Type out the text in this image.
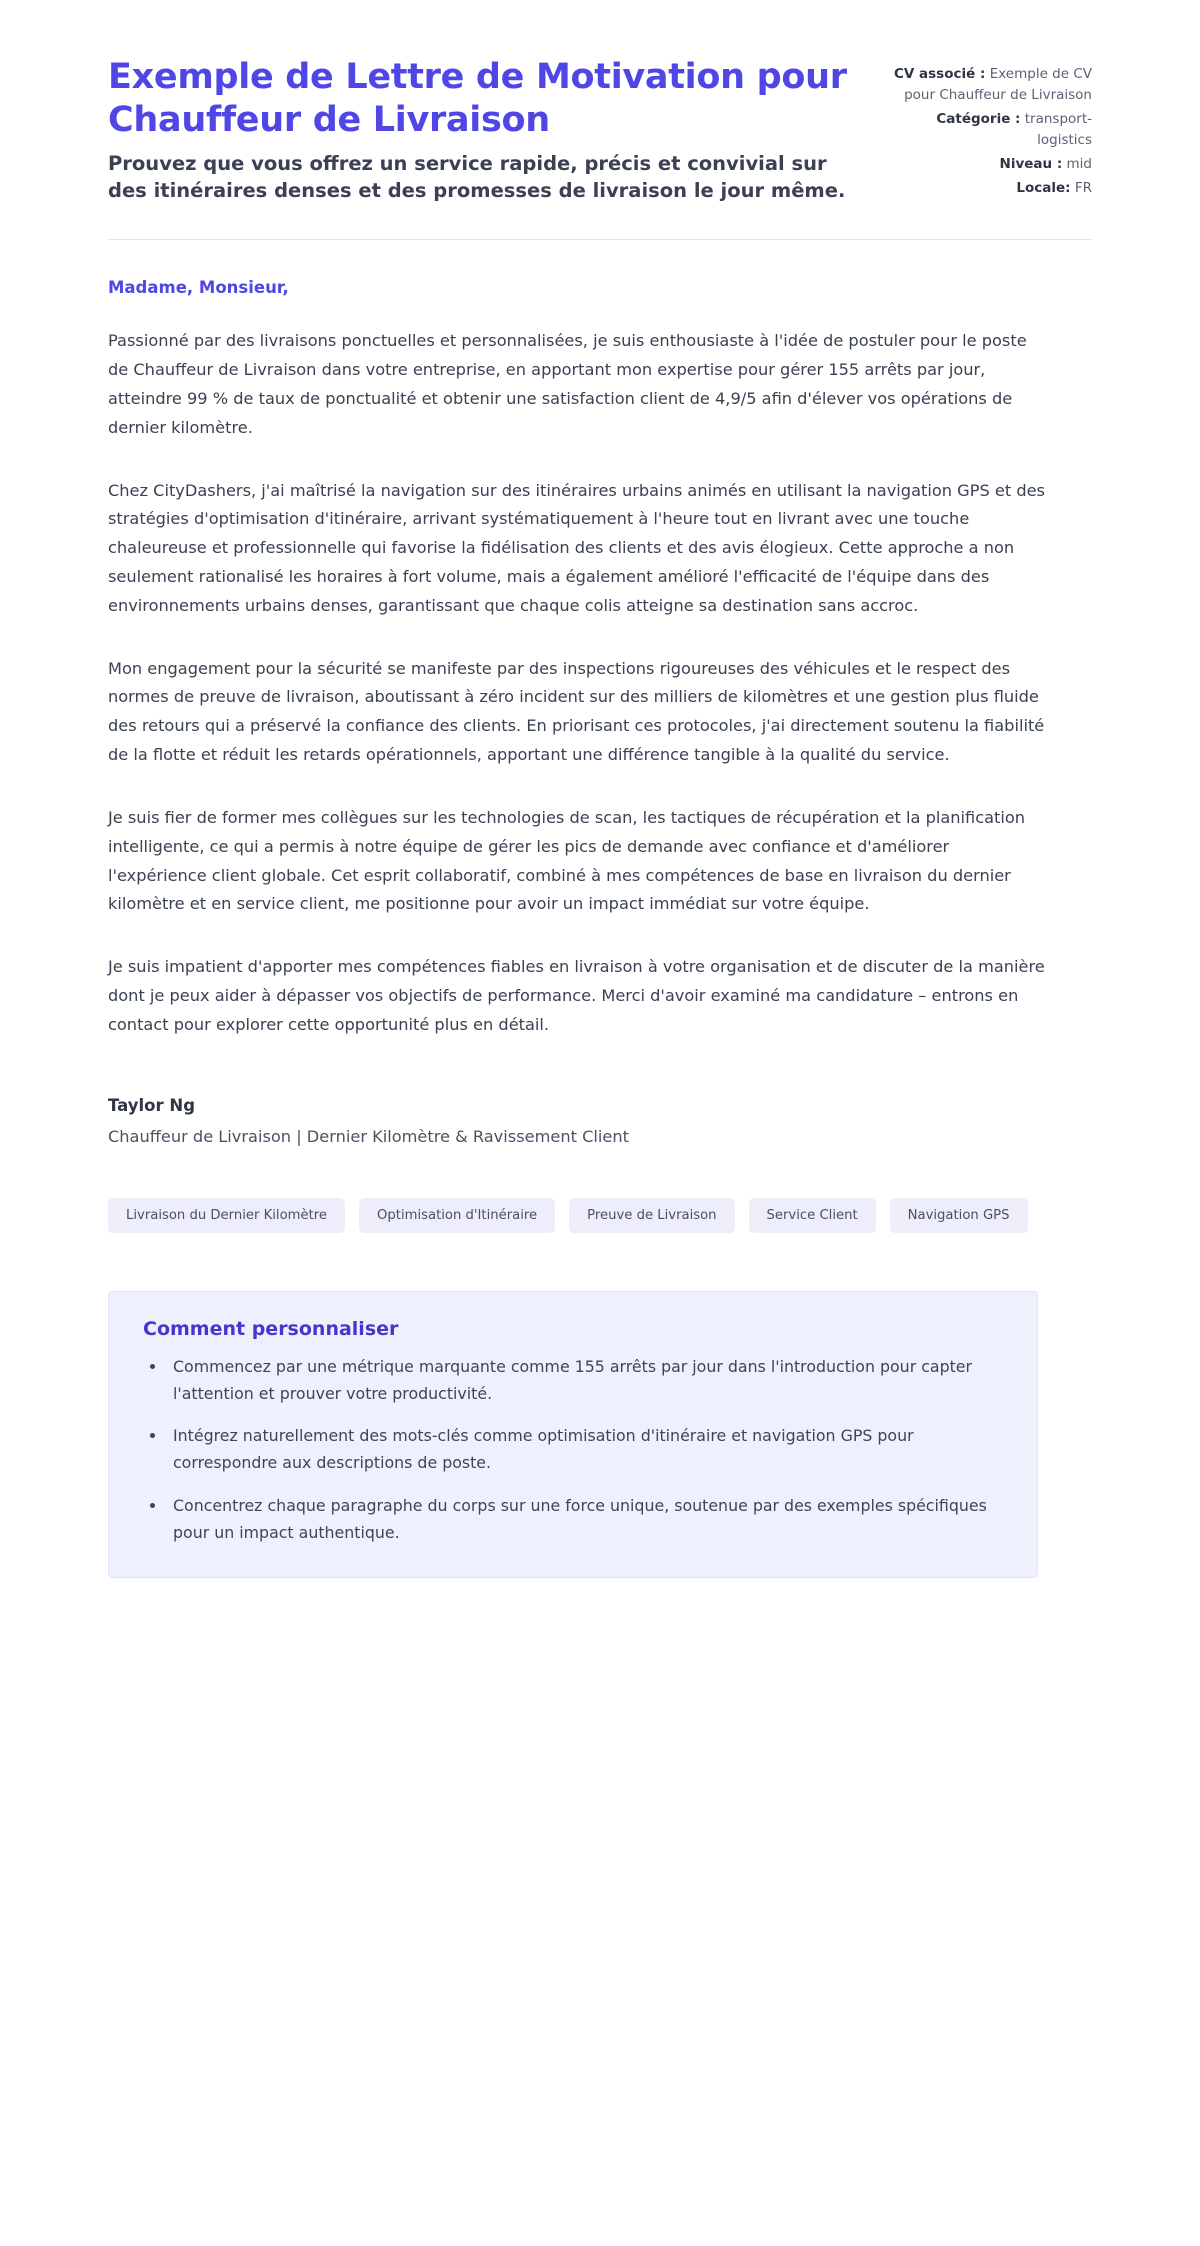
Exemple de Lettre de Motivation pour Chauffeur de Livraison

Prouvez que vous offrez un service rapide, précis et convivial sur des itinéraires denses et des promesses de livraison le jour même.

CV associé : Exemple de CV pour Chauffeur de Livraison
Catégorie : transport-logistics
Niveau : mid
Locale: FR

Madame, Monsieur,

Passionné par des livraisons ponctuelles et personnalisées, je suis enthousiaste à l'idée de postuler pour le poste de Chauffeur de Livraison dans votre entreprise, en apportant mon expertise pour gérer 155 arrêts par jour, atteindre 99 % de taux de ponctualité et obtenir une satisfaction client de 4,9/5 afin d'élever vos opérations de dernier kilomètre.

Chez CityDashers, j'ai maîtrisé la navigation sur des itinéraires urbains animés en utilisant la navigation GPS et des stratégies d'optimisation d'itinéraire, arrivant systématiquement à l'heure tout en livrant avec une touche chaleureuse et professionnelle qui favorise la fidélisation des clients et des avis élogieux. Cette approche a non seulement rationalisé les horaires à fort volume, mais a également amélioré l'efficacité de l'équipe dans des environnements urbains denses, garantissant que chaque colis atteigne sa destination sans accroc.

Mon engagement pour la sécurité se manifeste par des inspections rigoureuses des véhicules et le respect des normes de preuve de livraison, aboutissant à zéro incident sur des milliers de kilomètres et une gestion plus fluide des retours qui a préservé la confiance des clients. En priorisant ces protocoles, j'ai directement soutenu la fiabilité de la flotte et réduit les retards opérationnels, apportant une différence tangible à la qualité du service.

Je suis fier de former mes collègues sur les technologies de scan, les tactiques de récupération et la planification intelligente, ce qui a permis à notre équipe de gérer les pics de demande avec confiance et d'améliorer l'expérience client globale. Cet esprit collaboratif, combiné à mes compétences de base en livraison du dernier kilomètre et en service client, me positionne pour avoir un impact immédiat sur votre équipe.

Je suis impatient d'apporter mes compétences fiables en livraison à votre organisation et de discuter de la manière dont je peux aider à dépasser vos objectifs de performance. Merci d'avoir examiné ma candidature – entrons en contact pour explorer cette opportunité plus en détail.

Taylor Ng

Chauffeur de Livraison | Dernier Kilomètre & Ravissement Client

Livraison du Dernier Kilomètre	Optimisation d'Itinéraire	Preuve de Livraison	Service Client	Navigation GPS
Comment personnaliser
• Commencez par une métrique marquante comme 155 arrêts par jour dans l'introduction pour capter l'attention et prouver votre productivité.
• Intégrez naturellement des mots-clés comme optimisation d'itinéraire et navigation GPS pour correspondre aux descriptions de poste.
• Concentrez chaque paragraphe du corps sur une force unique, soutenue par des exemples spécifiques pour un impact authentique.
